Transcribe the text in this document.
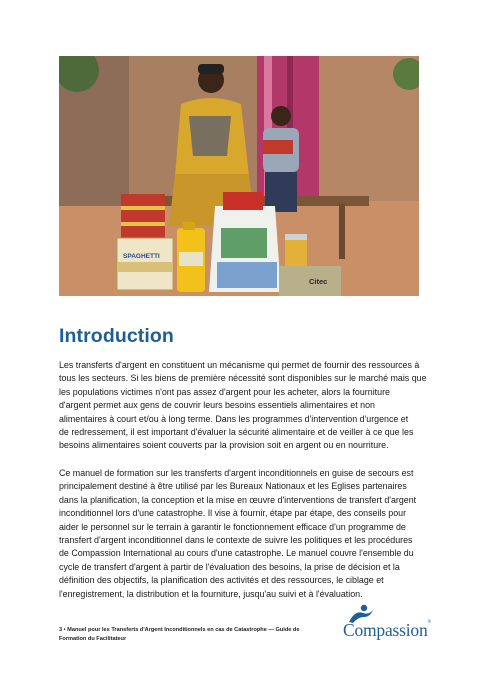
SPAGHETTI
Citec
Introduction

Les transferts d'argent en constituent un mécanisme qui permet de fournir des ressources à
tous les secteurs. Si les biens de première nécessité sont disponibles sur le marché mais que
les populations victimes n'ont pas assez d'argent pour les acheter, alors la fourniture
d'argent permet aux gens de couvrir leurs besoins essentiels alimentaires et non
alimentaires à court et/ou à long terme. Dans les programmes d'intervention d'urgence et
de redressement, il est important d'évaluer la sécurité alimentaire et de veiller à ce que les
besoins alimentaires soient couverts par la provision soit en argent ou en nourriture.

Ce manuel de formation sur les transferts d'argent inconditionnels en guise de secours est
principalement destiné à être utilisé par les Bureaux Nationaux et les Eglises partenaires
dans la planification, la conception et la mise en œuvre d'interventions de transfert d'argent
inconditionnel lors d'une catastrophe. Il vise à fournir, étape par étape, des conseils pour
aider le personnel sur le terrain à garantir le fonctionnement efficace d'un programme de
transfert d'argent inconditionnel dans le contexte de suivre les politiques et les procédures
de Compassion International au cours d'une catastrophe. Le manuel couvre l'ensemble du
cycle de transfert d'argent à partir de l'évaluation des besoins, la prise de décision et la
définition des objectifs, la planification des activités et des ressources, le ciblage et
l'enregistrement, la distribution et la fourniture, jusqu'au suivi et à l'évaluation.

3 • Manuel pour les Transferts d'Argent Inconditionnels en cas de Catastrophe — Guide de
Formation du Facilitateur	Compassion®
